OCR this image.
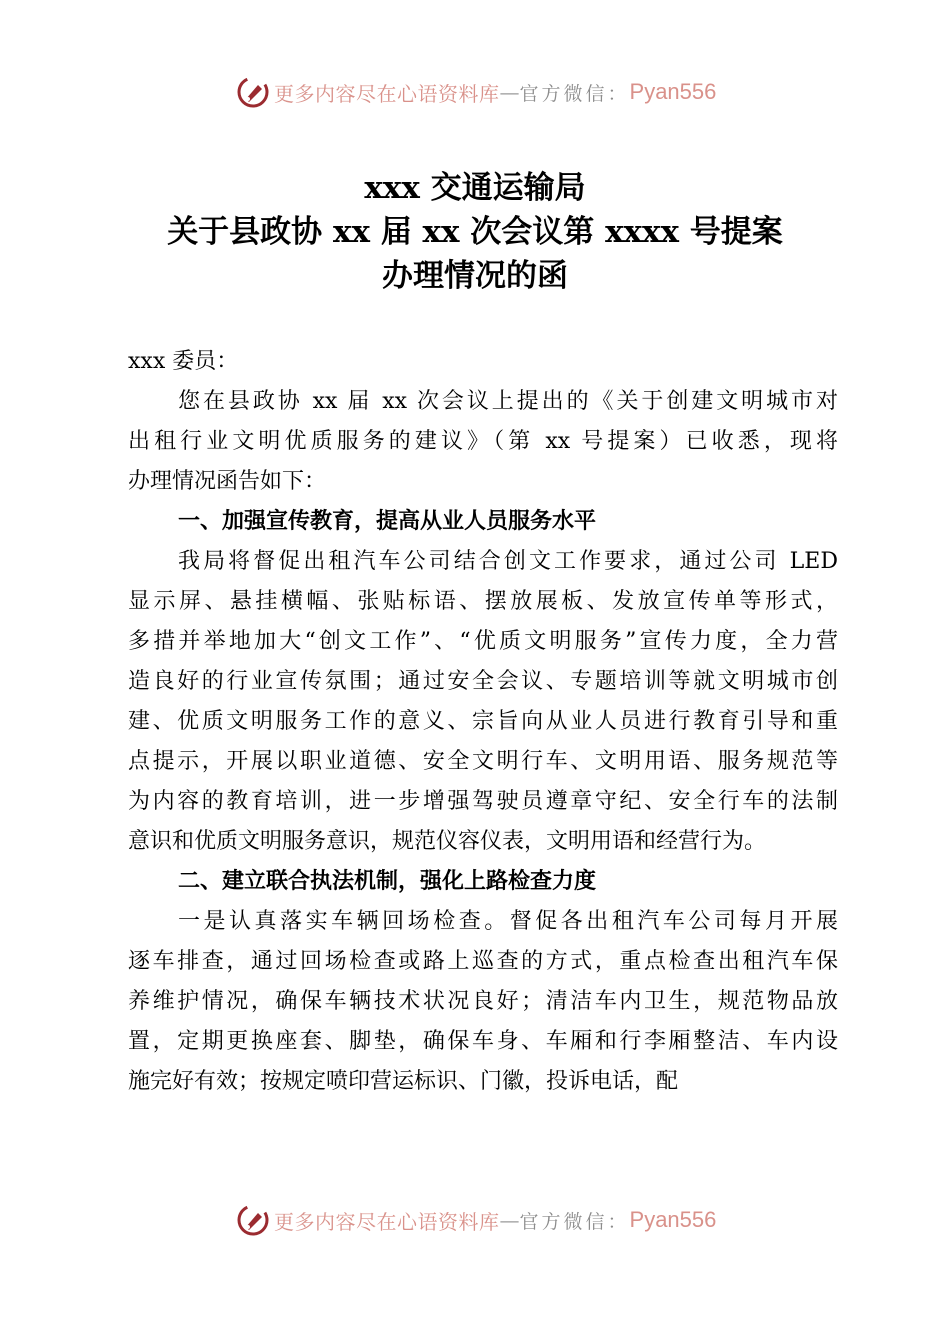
更多内容尽在心语资料库 — 官方微信： Pyan556
xxx 交通运输局
关于县政协 xx 届 xx 次会议第 xxxx 号提案
办理情况的函
xxx 委员：
您在县政协 xx 届 xx 次会议上提出的《关于创建文明城市对
出租行业文明优质服务的建议》（第 xx 号提案）已收悉，现将
办理情况函告如下：
一、加强宣传教育，提高从业人员服务水平
我局将督促出租汽车公司结合创文工作要求，通过公司 LED
显示屏、悬挂横幅、张贴标语、摆放展板、发放宣传单等形式，
多措并举地加大“创文工作”、“优质文明服务”宣传力度，全力营
造良好的行业宣传氛围；通过安全会议、专题培训等就文明城市创
建、优质文明服务工作的意义、宗旨向从业人员进行教育引导和重
点提示，开展以职业道德、安全文明行车、文明用语、服务规范等
为内容的教育培训，进一步增强驾驶员遵章守纪、安全行车的法制
意识和优质文明服务意识，规范仪容仪表，文明用语和经营行为。
二、建立联合执法机制，强化上路检查力度
一是认真落实车辆回场检查。督促各出租汽车公司每月开展
逐车排查，通过回场检查或路上巡查的方式，重点检查出租汽车保
养维护情况，确保车辆技术状况良好；清洁车内卫生，规范物品放
置，定期更换座套、脚垫，确保车身、车厢和行李厢整洁、车内设
施完好有效；按规定喷印营运标识、门徽，投诉电话，配
更多内容尽在心语资料库 — 官方微信： Pyan556
